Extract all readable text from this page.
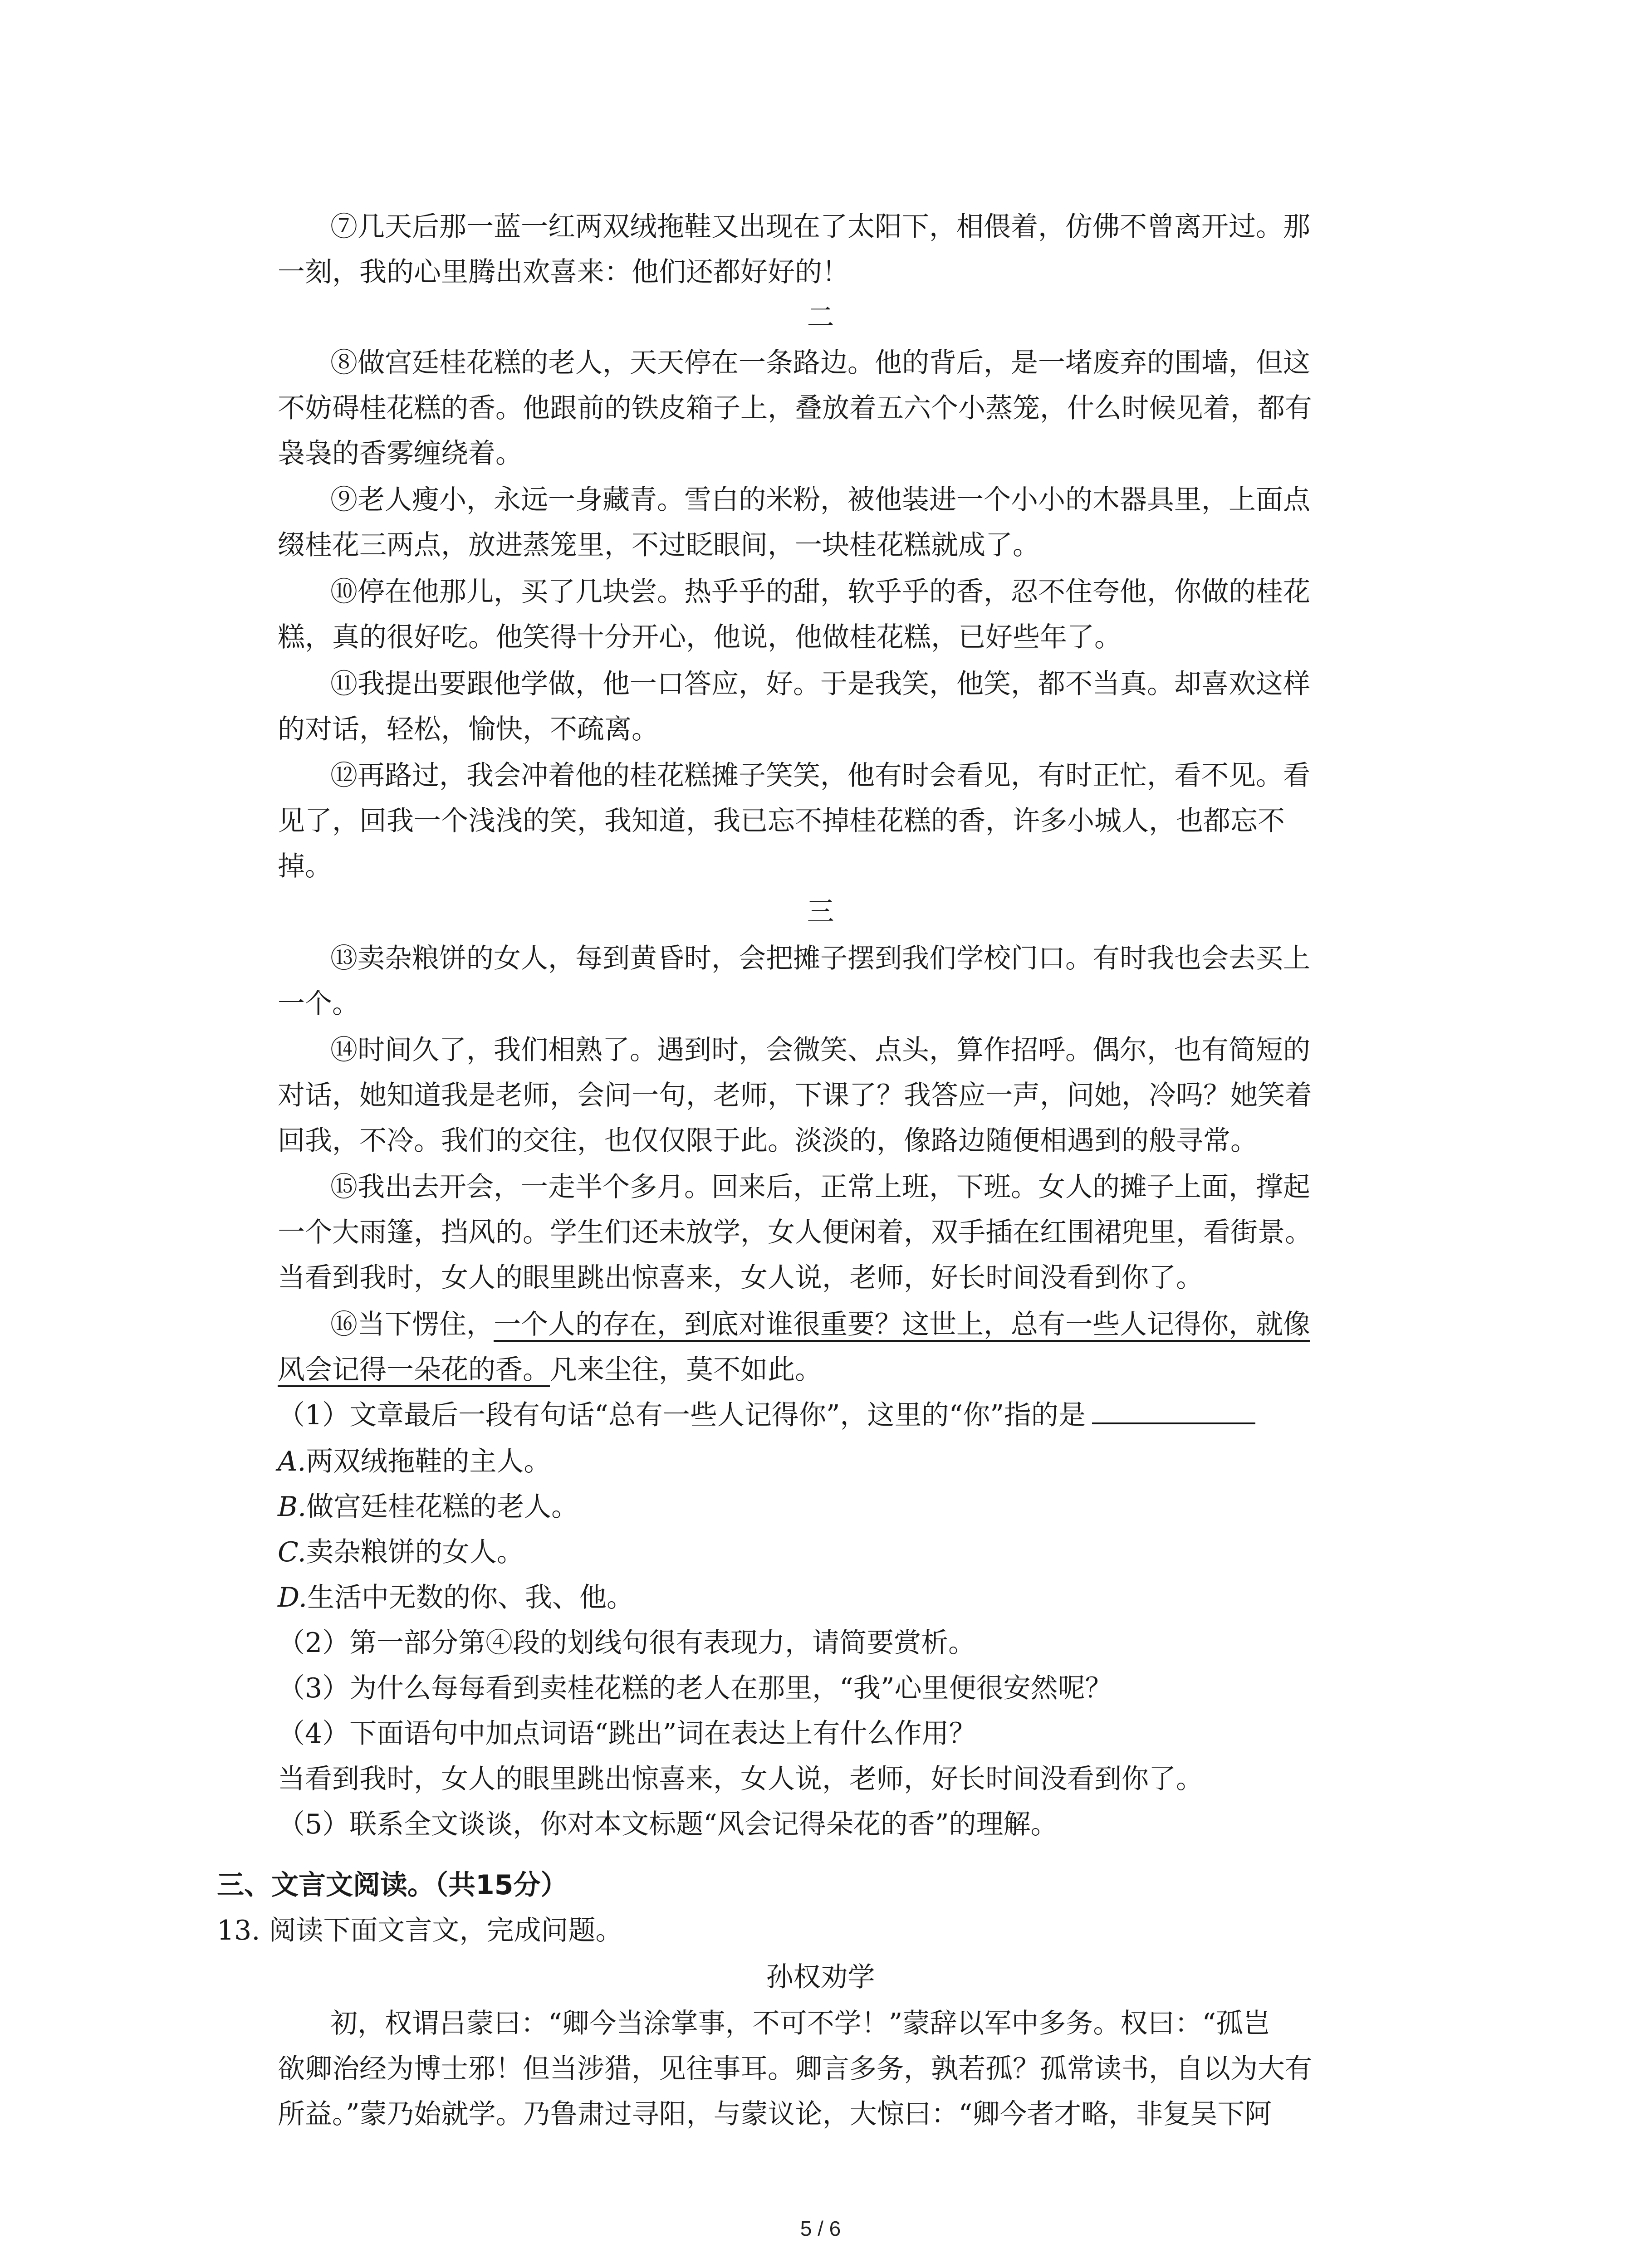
⑦几天后那一蓝一红两双绒拖鞋又出现在了太阳下，相偎着，仿佛不曾离开过。那
一刻，我的心里腾出欢喜来：他们还都好好的！
二
⑧做宫廷桂花糕的老人，天天停在一条路边。他的背后，是一堵废弃的围墙，但这
不妨碍桂花糕的香。他跟前的铁皮箱子上，叠放着五六个小蒸笼，什么时候见着，都有
袅袅的香雾缠绕着。
⑨老人瘦小，永远一身藏青。雪白的米粉，被他装进一个小小的木器具里，上面点
缀桂花三两点，放进蒸笼里，不过眨眼间，一块桂花糕就成了。
⑩停在他那儿，买了几块尝。热乎乎的甜，软乎乎的香，忍不住夸他，你做的桂花
糕，真的很好吃。他笑得十分开心，他说，他做桂花糕，已好些年了。
⑪我提出要跟他学做，他一口答应，好。于是我笑，他笑，都不当真。却喜欢这样
的对话，轻松，愉快，不疏离。
⑫再路过，我会冲着他的桂花糕摊子笑笑，他有时会看见，有时正忙，看不见。看
见了，回我一个浅浅的笑，我知道，我已忘不掉桂花糕的香，许多小城人，也都忘不
掉。
三
⑬卖杂粮饼的女人，每到黄昏时，会把摊子摆到我们学校门口。有时我也会去买上
一个。
⑭时间久了，我们相熟了。遇到时，会微笑、点头，算作招呼。偶尔，也有简短的
对话，她知道我是老师，会问一句，老师，下课了？我答应一声，问她，冷吗？她笑着
回我，不冷。我们的交往，也仅仅限于此。淡淡的，像路边随便相遇到的般寻常。
⑮我出去开会，一走半个多月。回来后，正常上班，下班。女人的摊子上面，撑起
一个大雨篷，挡风的。学生们还未放学，女人便闲着，双手插在红围裙兜里，看街景。
当看到我时，女人的眼里跳出惊喜来，女人说，老师，好长时间没看到你了。
⑯当下愣住，一个人的存在，到底对谁很重要？这世上，总有一些人记得你，就像
风会记得一朵花的香。凡来尘往，莫不如此。
（1）文章最后一段有句话“总有一些人记得你”，这里的“你”指的是
A.两双绒拖鞋的主人。
B.做宫廷桂花糕的老人。
C.卖杂粮饼的女人。
D.生活中无数的你、我、他。
（2）第一部分第④段的划线句很有表现力，请简要赏析。
（3）为什么每每看到卖桂花糕的老人在那里，“我”心里便很安然呢？
（4）下面语句中加点词语“跳出”词在表达上有什么作用？
当看到我时，女人的眼里跳出惊喜来，女人说，老师，好长时间没看到你了。
（5）联系全文谈谈，你对本文标题“风会记得朵花的香”的理解。
三、文言文阅读。（共15分）
13. 阅读下面文言文，完成问题。
孙权劝学
初，权谓吕蒙曰：“卿今当涂掌事，不可不学！”蒙辞以军中多务。权曰：“孤岂
欲卿治经为博士邪！但当涉猎，见往事耳。卿言多务，孰若孤？孤常读书，自以为大有
所益。”蒙乃始就学。乃鲁肃过寻阳，与蒙议论，大惊曰：“卿今者才略，非复吴下阿
5 / 6
